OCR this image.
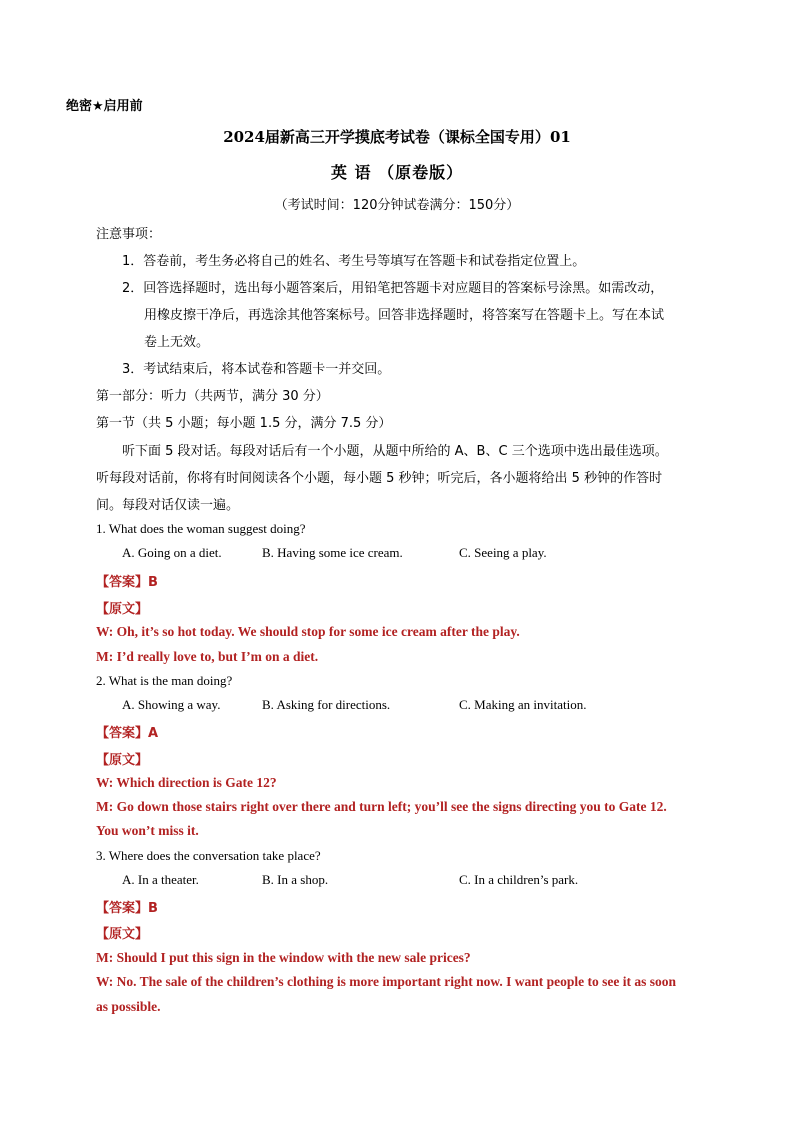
绝密★启用前
2024届新高三开学摸底考试卷（课标全国专用）01
英 语 （原卷版）
（考试时间：120分钟试卷满分：150分）
注意事项：
1．答卷前，考生务必将自己的姓名、考生号等填写在答题卡和试卷指定位置上。
2．回答选择题时，选出每小题答案后，用铅笔把答题卡对应题目的答案标号涂黑。如需改动，
用橡皮擦干净后，再选涂其他答案标号。回答非选择题时，将答案写在答题卡上。写在本试
卷上无效。
3．考试结束后，将本试卷和答题卡一并交回。
第一部分：听力（共两节，满分 30 分）
第一节（共 5 小题；每小题 1.5 分，满分 7.5 分）
听下面 5 段对话。每段对话后有一个小题，从题中所给的 A、B、C 三个选项中选出最佳选项。
听每段对话前，你将有时间阅读各个小题，每小题 5 秒钟；听完后，各小题将给出 5 秒钟的作答时
间。每段对话仅读一遍。
1. What does the woman suggest doing?
A. Going on a diet.	B. Having some ice cream.	C. Seeing a play.
【答案】B
【原文】
W: Oh, it’s so hot today. We should stop for some ice cream after the play.
M: I’d really love to, but I’m on a diet.
2. What is the man doing?
A. Showing a way.	B. Asking for directions.	C. Making an invitation.
【答案】A
【原文】
W: Which direction is Gate 12?
M: Go down those stairs right over there and turn left; you’ll see the signs directing you to Gate 12.
You won’t miss it.
3. Where does the conversation take place?
A. In a theater.	B. In a shop.	C. In a children’s park.
【答案】B
【原文】
M: Should I put this sign in the window with the new sale prices?
W: No. The sale of the children’s clothing is more important right now. I want people to see it as soon
as possible.
